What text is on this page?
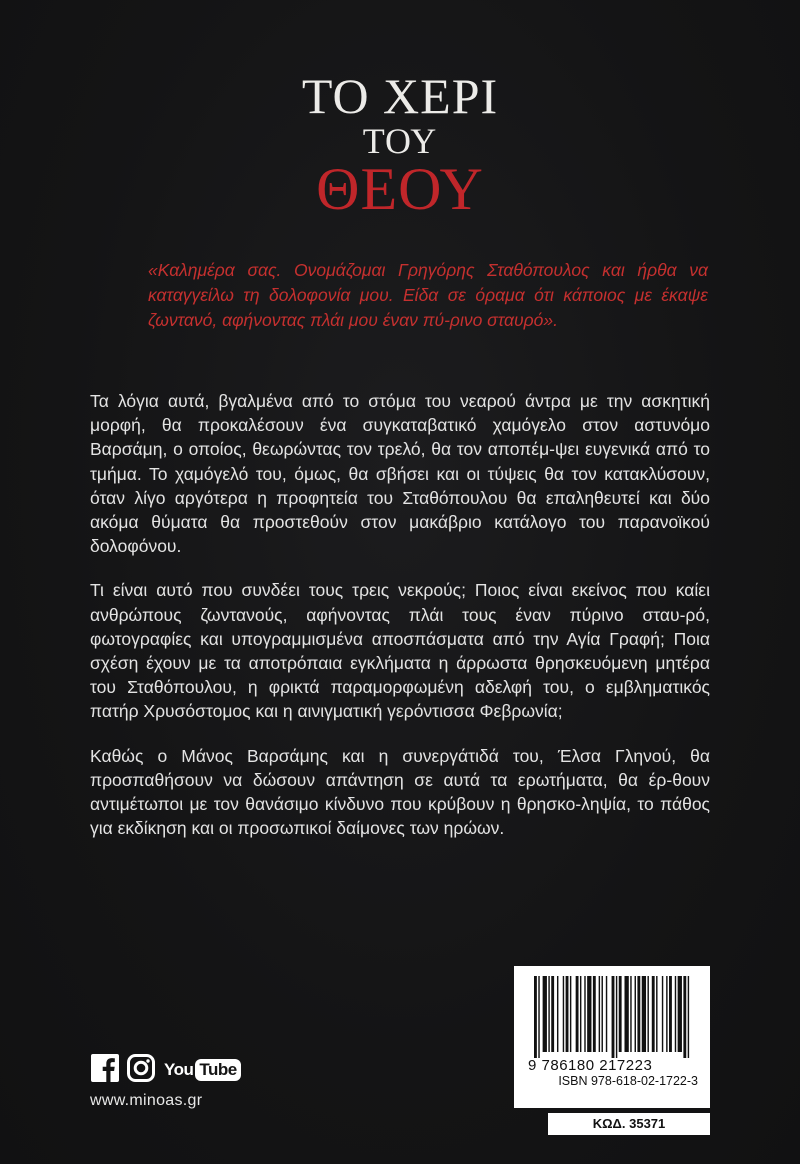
ΤΟ ΧΕΡΙ
ΤΟΥ
ΘΕΟΥ
«Καλημέρα σας. Ονομάζομαι Γρηγόρης Σταθόπουλος και ήρθα να καταγγείλω τη δολοφονία μου. Είδα σε όραμα ότι κάποιος με έκαψε ζωντανό, αφήνοντας πλάι μου έναν πύ-ρινο σταυρό».

Τα λόγια αυτά, βγαλμένα από το στόμα του νεαρού άντρα με την ασκητική μορφή, θα προκαλέσουν ένα συγκαταβατικό χαμόγελο στον αστυνόμο Βαρσάμη, ο οποίος, θεωρώντας τον τρελό, θα τον αποπέμ-ψει ευγενικά από το τμήμα. Το χαμόγελό του, όμως, θα σβήσει και οι τύψεις θα τον κατακλύσουν, όταν λίγο αργότερα η προφητεία του Σταθόπουλου θα επαληθευτεί και δύο ακόμα θύματα θα προστεθούν στον μακάβριο κατάλογο του παρανοϊκού δολοφόνου.

Τι είναι αυτό που συνδέει τους τρεις νεκρούς; Ποιος είναι εκείνος που καίει ανθρώπους ζωντανούς, αφήνοντας πλάι τους έναν πύρινο σταυ-ρό, φωτογραφίες και υπογραμμισμένα αποσπάσματα από την Αγία Γραφή; Ποια σχέση έχουν με τα αποτρόπαια εγκλήματα η άρρωστα θρησκευόμενη μητέρα του Σταθόπουλου, η φρικτά παραμορφωμένη αδελφή του, ο εμβληματικός πατήρ Χρυσόστομος και η αινιγματική γερόντισσα Φεβρωνία;

Καθώς ο Μάνος Βαρσάμης και η συνεργάτιδά του, Έλσα Γληνού, θα προσπαθήσουν να δώσουν απάντηση σε αυτά τα ερωτήματα, θα έρ-θουν αντιμέτωποι με τον θανάσιμο κίνδυνο που κρύβουν η θρησκο-ληψία, το πάθος για εκδίκηση και οι προσωπικοί δαίμονες των ηρώων.

You Tube
www.minoas.gr
9 786180 217223
ISBN 978-618-02-1722-3
ΚΩΔ. 35371
